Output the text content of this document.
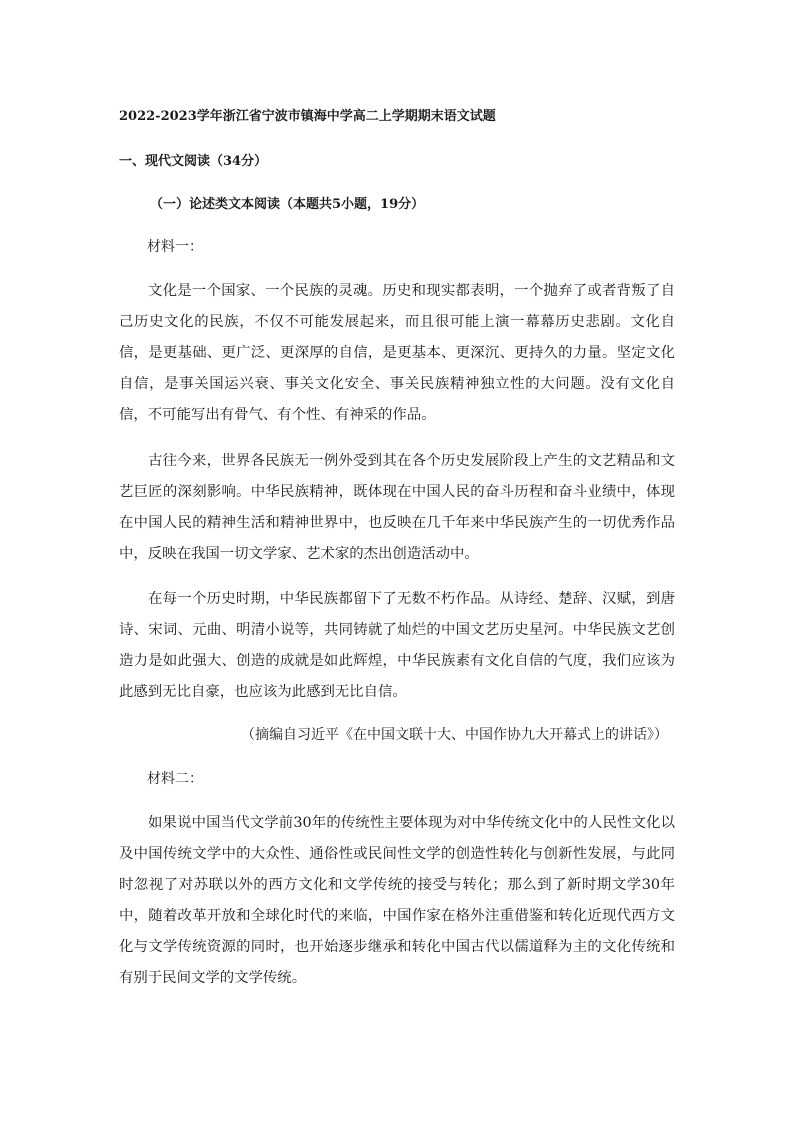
2022-2023学年浙江省宁波市镇海中学高二上学期期末语文试题
一、现代文阅读（34分）
（一）论述类文本阅读（本题共5小题，19分）
材料一：

文化是一个国家、一个民族的灵魂。历史和现实都表明，一个抛弃了或者背叛了自己历史文化的民族，不仅不可能发展起来，而且很可能上演一幕幕历史悲剧。文化自信，是更基础、更广泛、更深厚的自信，是更基本、更深沉、更持久的力量。坚定文化自信，是事关国运兴衰、事关文化安全、事关民族精神独立性的大问题。没有文化自信，不可能写出有骨气、有个性、有神采的作品。

古往今来，世界各民族无一例外受到其在各个历史发展阶段上产生的文艺精品和文艺巨匠的深刻影响。中华民族精神，既体现在中国人民的奋斗历程和奋斗业绩中，体现在中国人民的精神生活和精神世界中，也反映在几千年来中华民族产生的一切优秀作品中，反映在我国一切文学家、艺术家的杰出创造活动中。

在每一个历史时期，中华民族都留下了无数不朽作品。从诗经、楚辞、汉赋，到唐诗、宋词、元曲、明清小说等，共同铸就了灿烂的中国文艺历史星河。中华民族文艺创造力是如此强大、创造的成就是如此辉煌，中华民族素有文化自信的气度，我们应该为此感到无比自豪，也应该为此感到无比自信。

（摘编自习近平《在中国文联十大、中国作协九大开幕式上的讲话》）
材料二：

如果说中国当代文学前30年的传统性主要体现为对中华传统文化中的人民性文化以及中国传统文学中的大众性、通俗性或民间性文学的创造性转化与创新性发展，与此同时忽视了对苏联以外的西方文化和文学传统的接受与转化；那么到了新时期文学30年中，随着改革开放和全球化时代的来临，中国作家在格外注重借鉴和转化近现代西方文化与文学传统资源的同时，也开始逐步继承和转化中国古代以儒道释为主的文化传统和有别于民间文学的文学传统。
